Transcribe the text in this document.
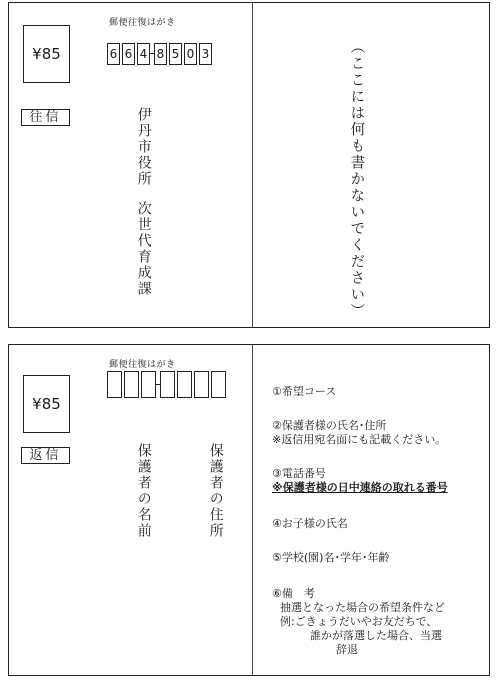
¥85
郵便往復はがき
6 6 4 8 5 0 3
往信	伊丹市役所
次世代育成課
（ここには何も書かないでください）
¥85
郵便往復はがき
返信	保護者の住所
保護者の名前
①希望コース
②保護者様の氏名･住所
※返信用宛名面にも記載ください。
③電話番号
※保護者様の日中連絡の取れる番号
④お子様の氏名
⑤学校(園)名･学年･年齢
⑥備　考
抽選となった場合の希望条件など
例:ごきょうだいやお友だちで、
誰かが落選した場合、当選
辞退
